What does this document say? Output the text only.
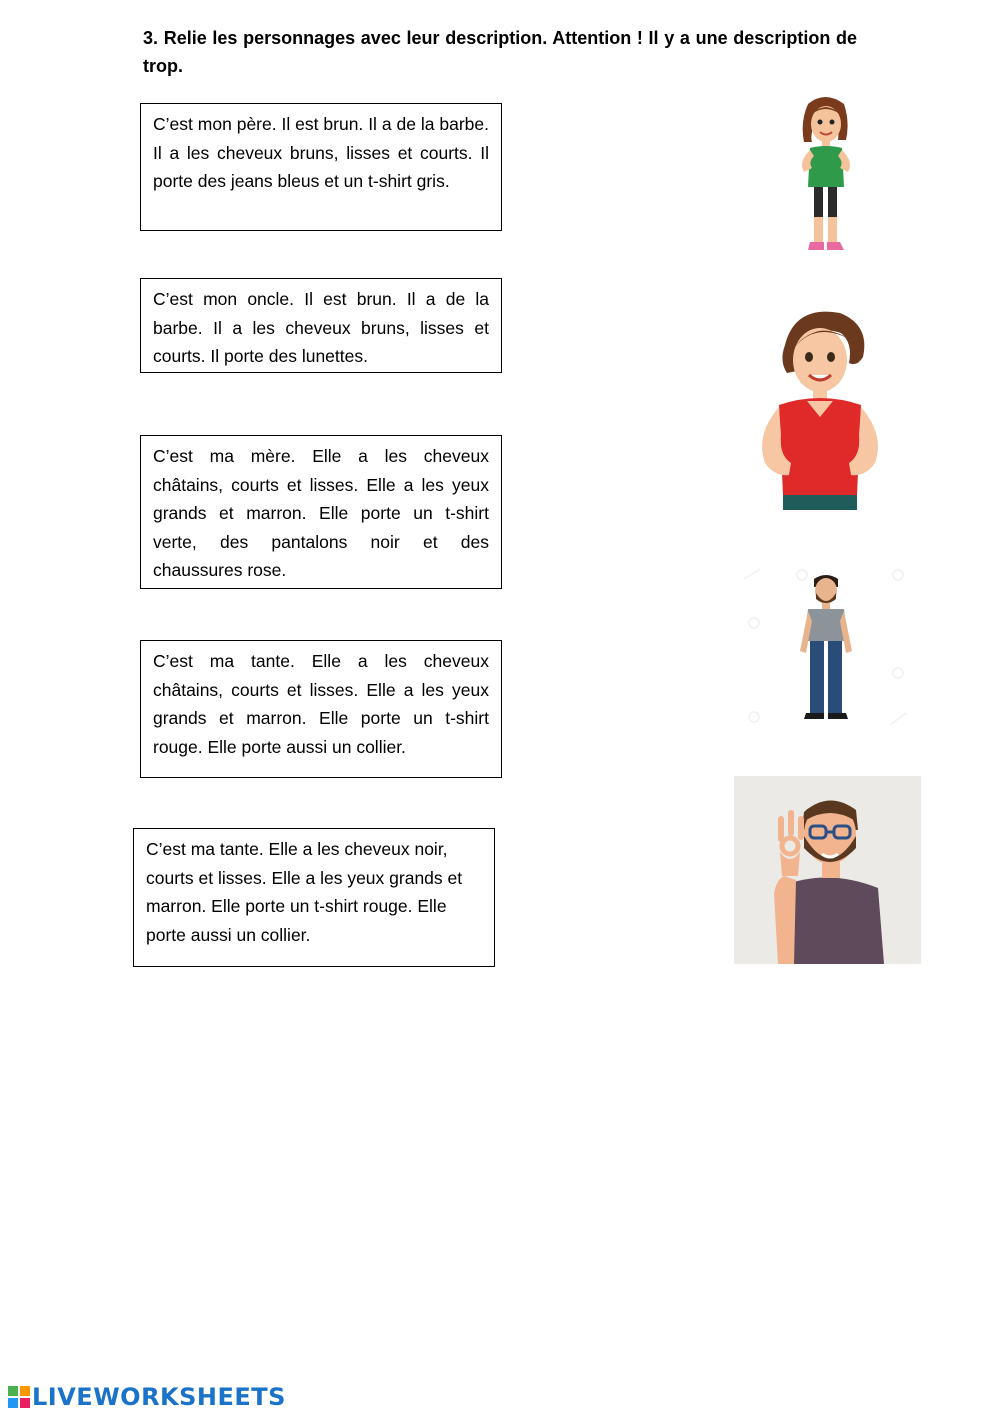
3. Relie les personnages avec leur description. Attention ! Il y a une description de trop.
C’est mon père. Il est brun. Il a de la barbe. Il a les cheveux bruns, lisses et courts. Il porte des jeans bleus et un t-shirt gris.
C’est mon oncle. Il est brun. Il a de la barbe. Il a les cheveux bruns, lisses et courts. Il porte des lunettes.
C’est ma mère. Elle a les cheveux châtains, courts et lisses. Elle a les yeux grands et marron. Elle porte un t-shirt verte, des pantalons noir et des chaussures rose.
C’est ma tante. Elle a les cheveux châtains, courts et lisses. Elle a les yeux grands et marron. Elle porte un t-shirt rouge. Elle porte aussi un collier.
C’est ma tante. Elle a les cheveux noir, courts et lisses. Elle a les yeux grands et marron. Elle porte un t-shirt rouge. Elle porte aussi un collier.
LIVEWORKSHEETS
